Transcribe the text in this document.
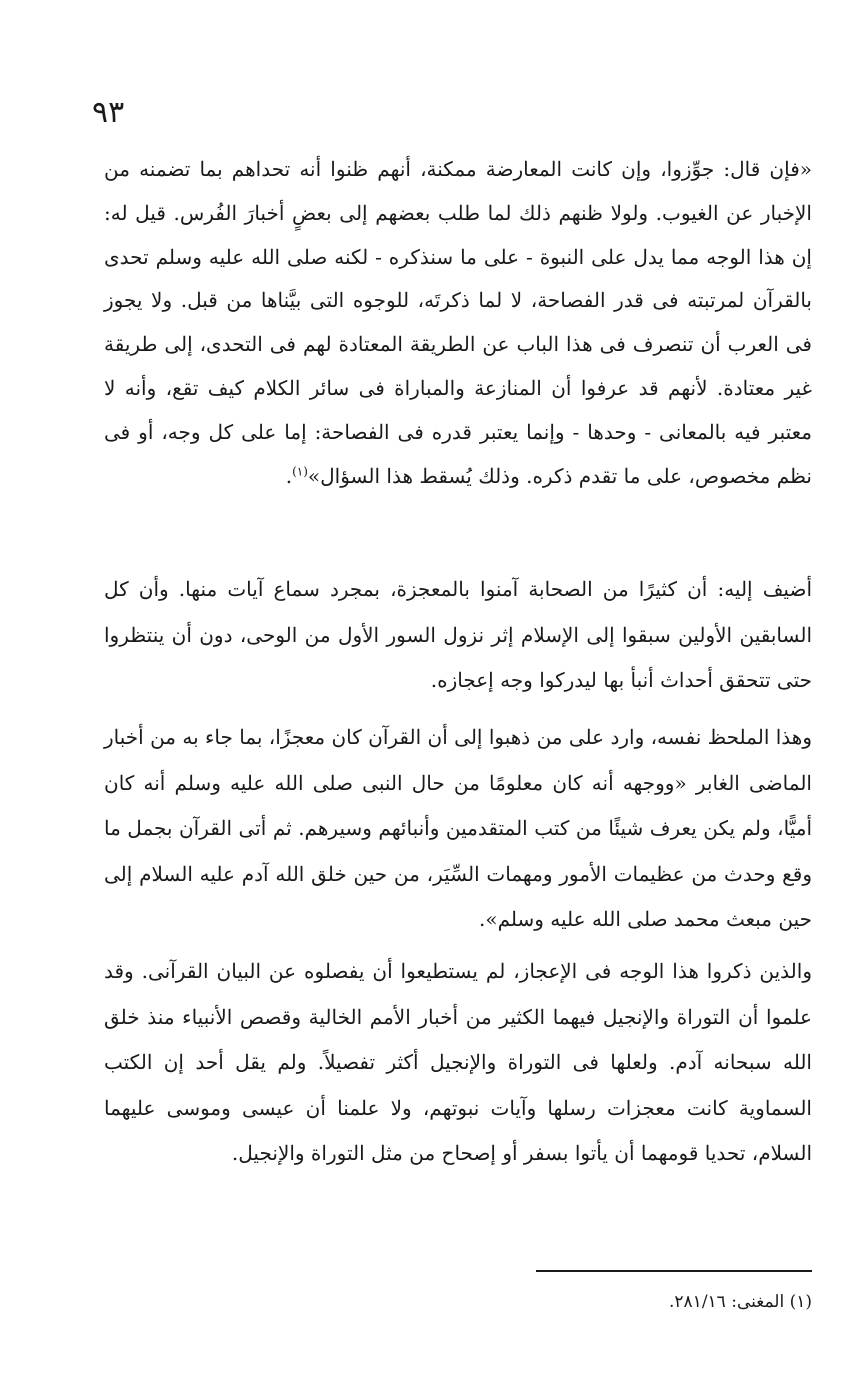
٩٣

«فإن قال: جوِّزوا، وإن كانت المعارضة ممكنة، أنهم ظنوا أنه تحداهم بما تضمنه من الإخبار عن الغيوب. ولولا ظنهم ذلك لما طلب بعضهم إلى بعضٍ أخبارَ الفُرس. قيل له: إن هذا الوجه مما يدل على النبوة - على ما سنذكره - لكنه صلى الله عليه وسلم تحدى بالقرآن لمرتبته فى قدر الفصاحة، لا لما ذكرتَه، للوجوه التى بيَّناها من قبل. ولا يجوز فى العرب أن تنصرف فى هذا الباب عن الطريقة المعتادة لهم فى التحدى، إلى طريقة غير معتادة. لأنهم قد عرفوا أن المنازعة والمباراة فى سائر الكلام كيف تقع، وأنه لا معتبر فيه بالمعانى - وحدها - وإنما يعتبر قدره فى الفصاحة: إما على كل وجه، أو فى نظم مخصوص، على ما تقدم ذكره. وذلك يُسقط هذا السؤال»$^{(١)}$.

أضيف إليه: أن كثيرًا من الصحابة آمنوا بالمعجزة، بمجرد سماع آيات منها. وأن كل السابقين الأولين سبقوا إلى الإسلام إثر نزول السور الأول من الوحى، دون أن ينتظروا حتى تتحقق أحداث أنبأ بها ليدركوا وجه إعجازه.

وهذا الملحظ نفسه، وارد على من ذهبوا إلى أن القرآن كان معجزًا، بما جاء به من أخبار الماضى الغابر «ووجهه أنه كان معلومًا من حال النبى صلى الله عليه وسلم أنه كان أميًّا، ولم يكن يعرف شيئًا من كتب المتقدمين وأنبائهم وسيرهم. ثم أتى القرآن بجمل ما وقع وحدث من عظيمات الأمور ومهمات السِّيَر، من حين خلق الله آدم عليه السلام إلى حين مبعث محمد صلى الله عليه وسلم».

والذين ذكروا هذا الوجه فى الإعجاز، لم يستطيعوا أن يفصلوه عن البيان القرآنى. وقد علموا أن التوراة والإنجيل فيهما الكثير من أخبار الأمم الخالية وقصص الأنبياء منذ خلق الله سبحانه آدم. ولعلها فى التوراة والإنجيل أكثر تفصيلاً. ولم يقل أحد إن الكتب السماوية كانت معجزات رسلها وآيات نبوتهم، ولا علمنا أن عيسى وموسى عليهما السلام، تحديا قومهما أن يأتوا بسفر أو إصحاح من مثل التوراة والإنجيل.

(١) المغنى: ٢٨١/١٦.
